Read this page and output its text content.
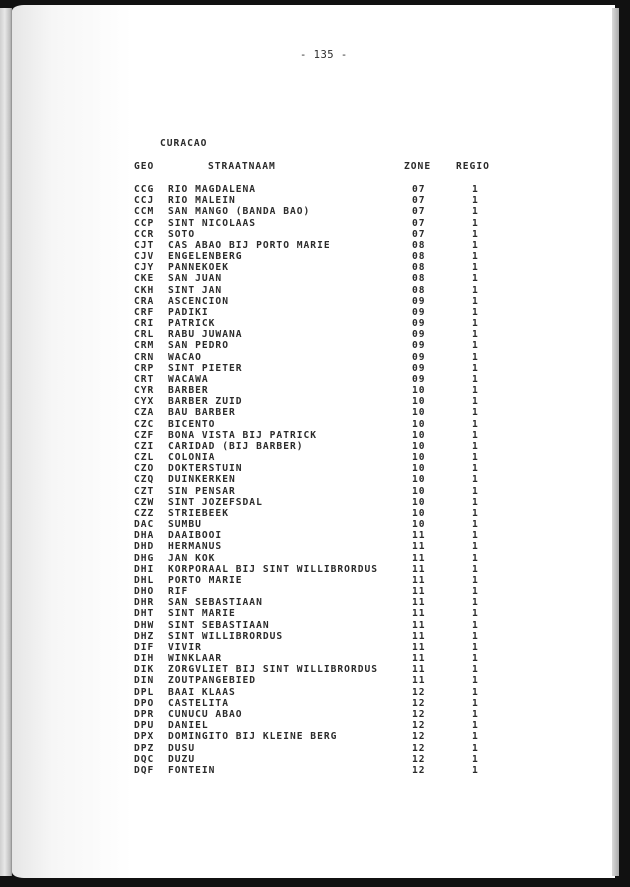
- 135 -
CURACAO
GEO	STRAATNAAM	ZONE	REGIO
CCG RIO MAGDALENA	07	1
CCJ RIO MALEIN	07	1
CCM SAN MANGO (BANDA BAO)	07	1
CCP SINT NICOLAAS	07	1
CCR SOTO	07	1
CJT CAS ABAO BIJ PORTO MARIE	08	1
CJV ENGELENBERG	08	1
CJY PANNEKOEK	08	1
CKE SAN JUAN	08	1
CKH SINT JAN	08	1
CRA ASCENCION	09	1
CRF PADIKI	09	1
CRI PATRICK	09	1
CRL RABU JUWANA	09	1
CRM SAN PEDRO	09	1
CRN WACAO	09	1
CRP SINT PIETER	09	1
CRT WACAWA	09	1
CYR BARBER	10	1
CYX BARBER ZUID	10	1
CZA BAU BARBER	10	1
CZC BICENTO	10	1
CZF BONA VISTA BIJ PATRICK	10	1
CZI CARIDAD (BIJ BARBER)	10	1
CZL COLONIA	10	1
CZO DOKTERSTUIN	10	1
CZQ DUINKERKEN	10	1
CZT SIN PENSAR	10	1
CZW SINT JOZEFSDAL	10	1
CZZ STRIEBEEK	10	1
DAC SUMBU	10	1
DHA DAAIBOOI	11	1
DHD HERMANUS	11	1
DHG JAN KOK	11	1
DHI KORPORAAL BIJ SINT WILLIBRORDUS	11	1
DHL PORTO MARIE	11	1
DHO RIF	11	1
DHR SAN SEBASTIAAN	11	1
DHT SINT MARIE	11	1
DHW SINT SEBASTIAAN	11	1
DHZ SINT WILLIBRORDUS	11	1
DIF VIVIR	11	1
DIH WINKLAAR	11	1
DIK ZORGVLIET BIJ SINT WILLIBRORDUS	11	1
DIN ZOUTPANGEBIED	11	1
DPL BAAI KLAAS	12	1
DPO CASTELITA	12	1
DPR CUNUCU ABAO	12	1
DPU DANIEL	12	1
DPX DOMINGITO BIJ KLEINE BERG	12	1
DPZ DUSU	12	1
DQC DUZU	12	1
DQF FONTEIN	12	1
